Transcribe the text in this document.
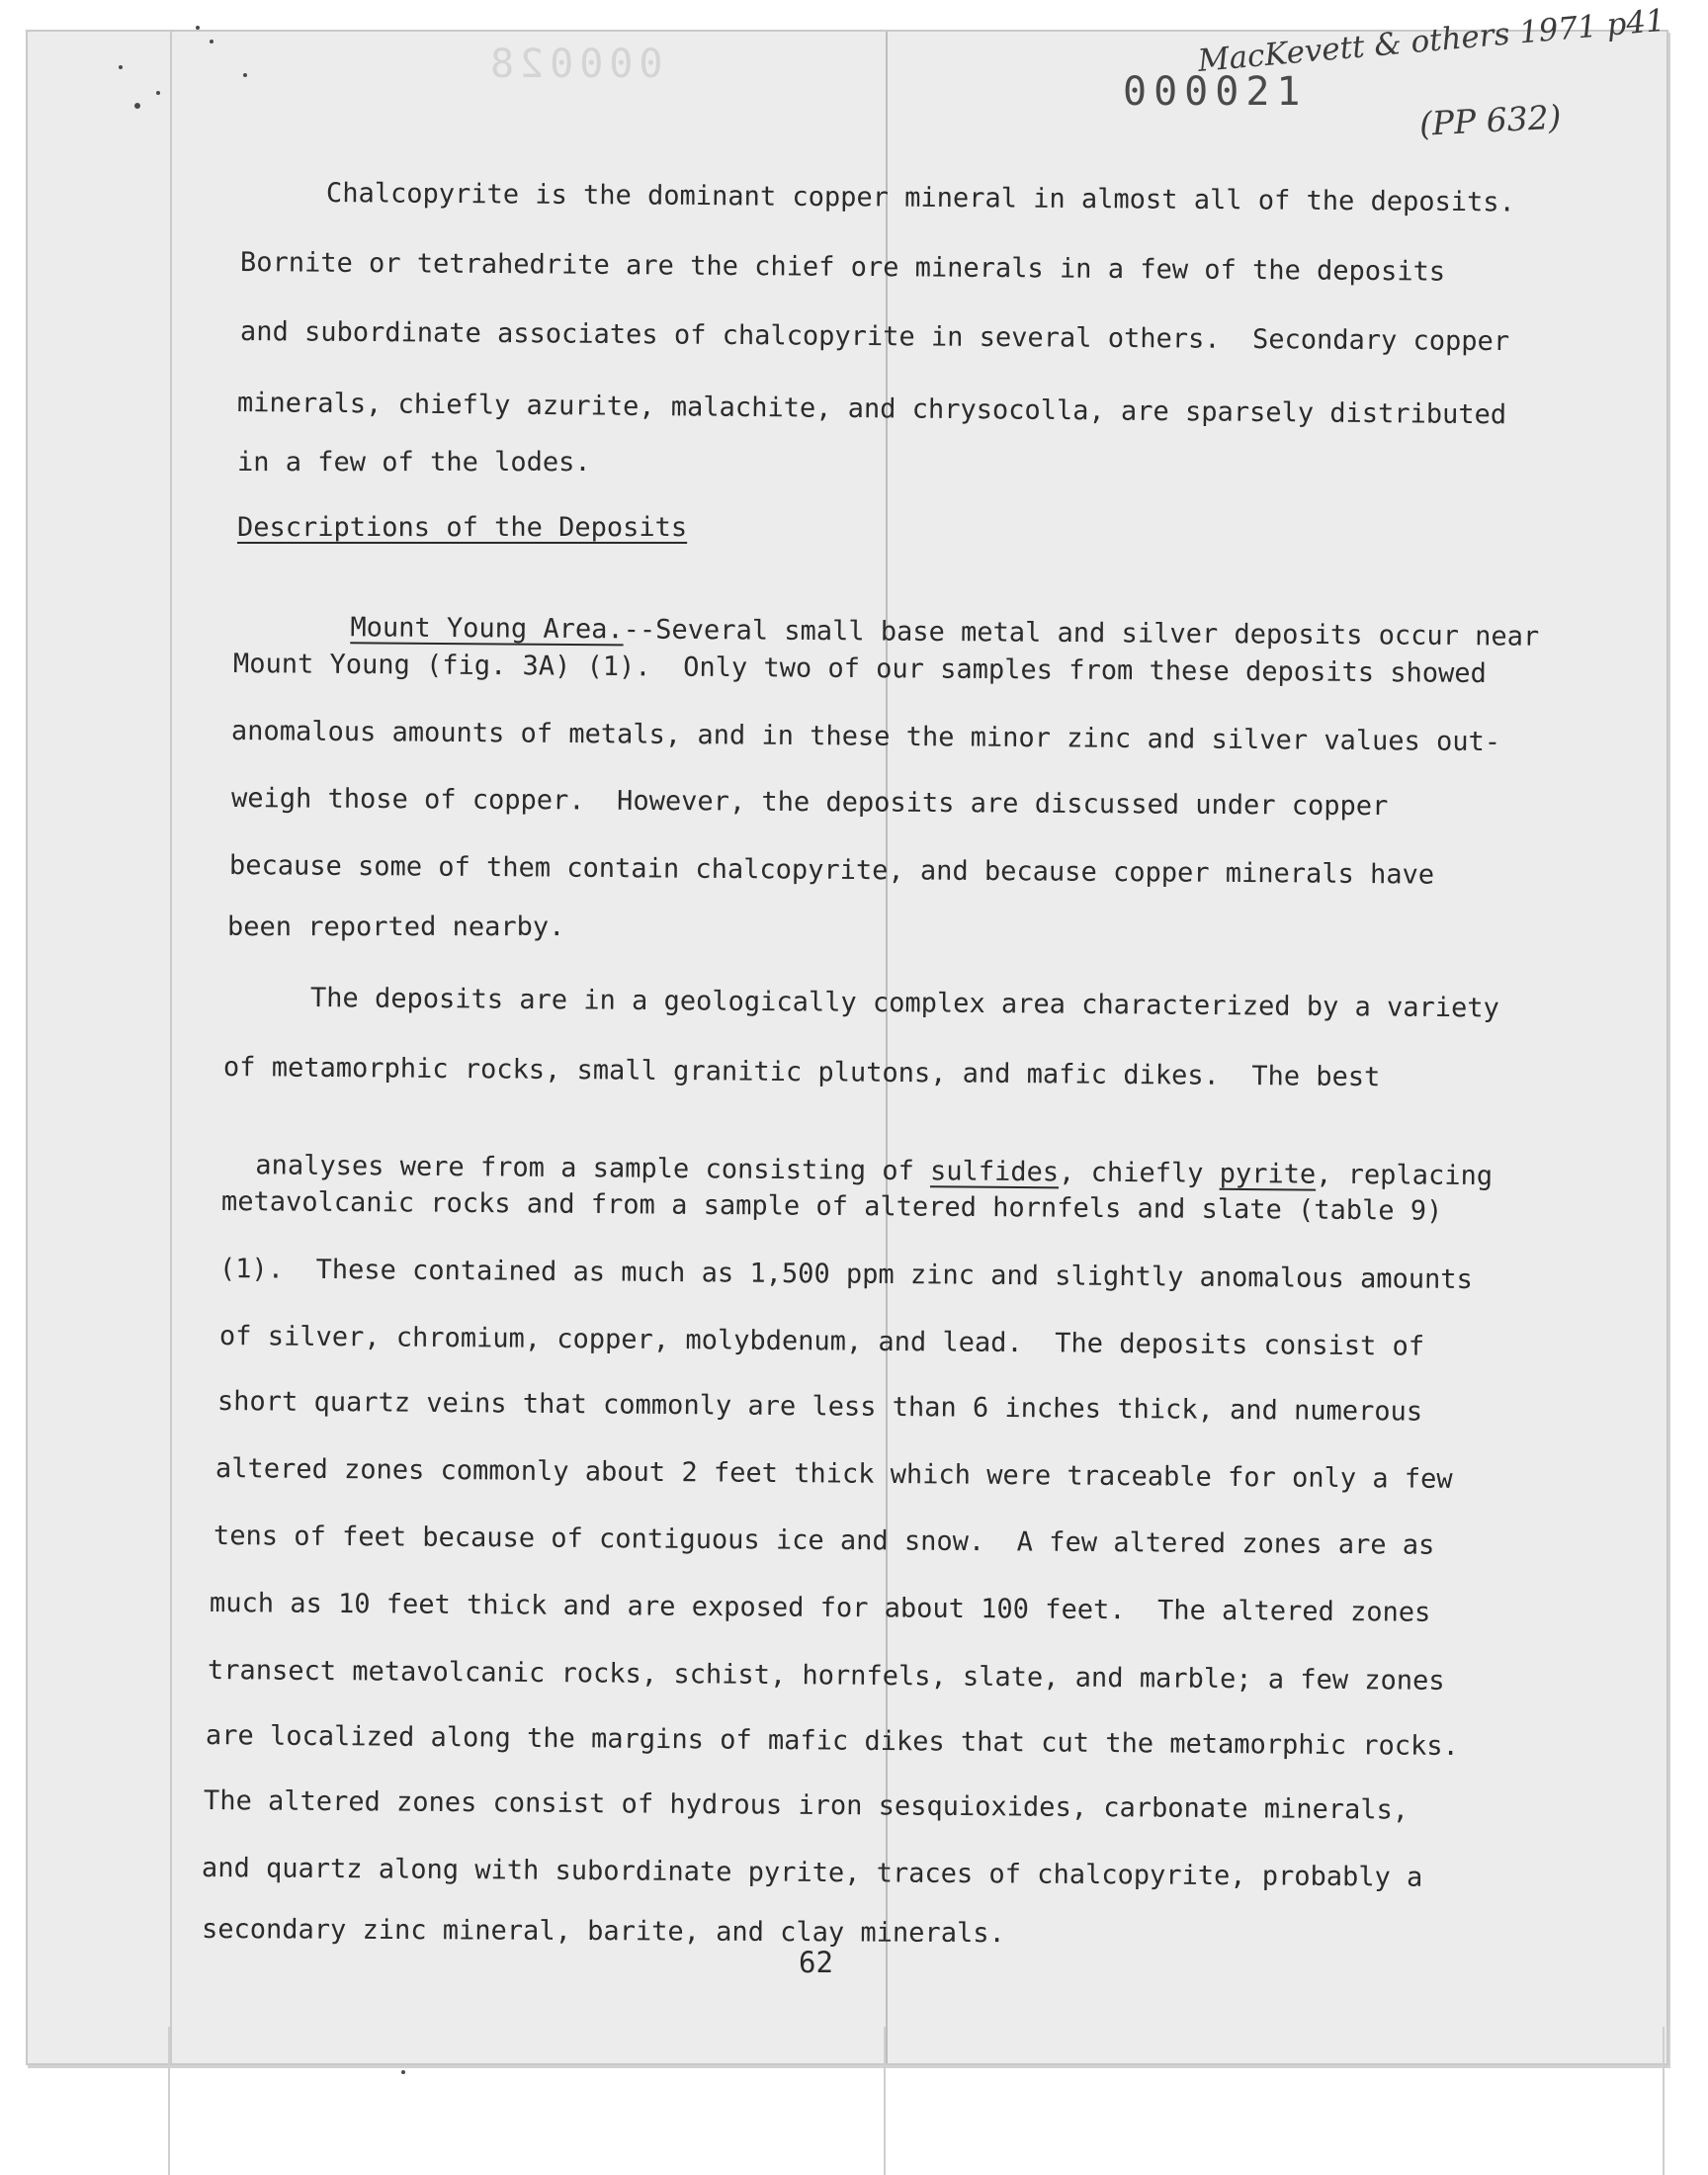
000028
000021
MacKevett & others 1971 p41
(PP 632)
Chalcopyrite is the dominant copper mineral in almost all of the deposits.
Bornite or tetrahedrite are the chief ore minerals in a few of the deposits
and subordinate associates of chalcopyrite in several others.  Secondary copper
minerals, chiefly azurite, malachite, and chrysocolla, are sparsely distributed
in a few of the lodes.
Descriptions of the Deposits

Mount Young Area.--Several small base metal and silver deposits occur near

Mount Young (fig. 3A) (1).  Only two of our samples from these deposits showed
anomalous amounts of metals, and in these the minor zinc and silver values out-
weigh those of copper.  However, the deposits are discussed under copper
because some of them contain chalcopyrite, and because copper minerals have
been reported nearby.
The deposits are in a geologically complex area characterized by a variety
of metamorphic rocks, small granitic plutons, and mafic dikes.  The best

analyses were from a sample consisting of sulfides, chiefly pyrite, replacing

metavolcanic rocks and from a sample of altered hornfels and slate (table 9)
(1).  These contained as much as 1,500 ppm zinc and slightly anomalous amounts
of silver, chromium, copper, molybdenum, and lead.  The deposits consist of
short quartz veins that commonly are less than 6 inches thick, and numerous
altered zones commonly about 2 feet thick which were traceable for only a few
tens of feet because of contiguous ice and snow.  A few altered zones are as
much as 10 feet thick and are exposed for about 100 feet.  The altered zones
transect metavolcanic rocks, schist, hornfels, slate, and marble; a few zones
are localized along the margins of mafic dikes that cut the metamorphic rocks.
The altered zones consist of hydrous iron sesquioxides, carbonate minerals,
and quartz along with subordinate pyrite, traces of chalcopyrite, probably a
secondary zinc mineral, barite, and clay minerals.
62
